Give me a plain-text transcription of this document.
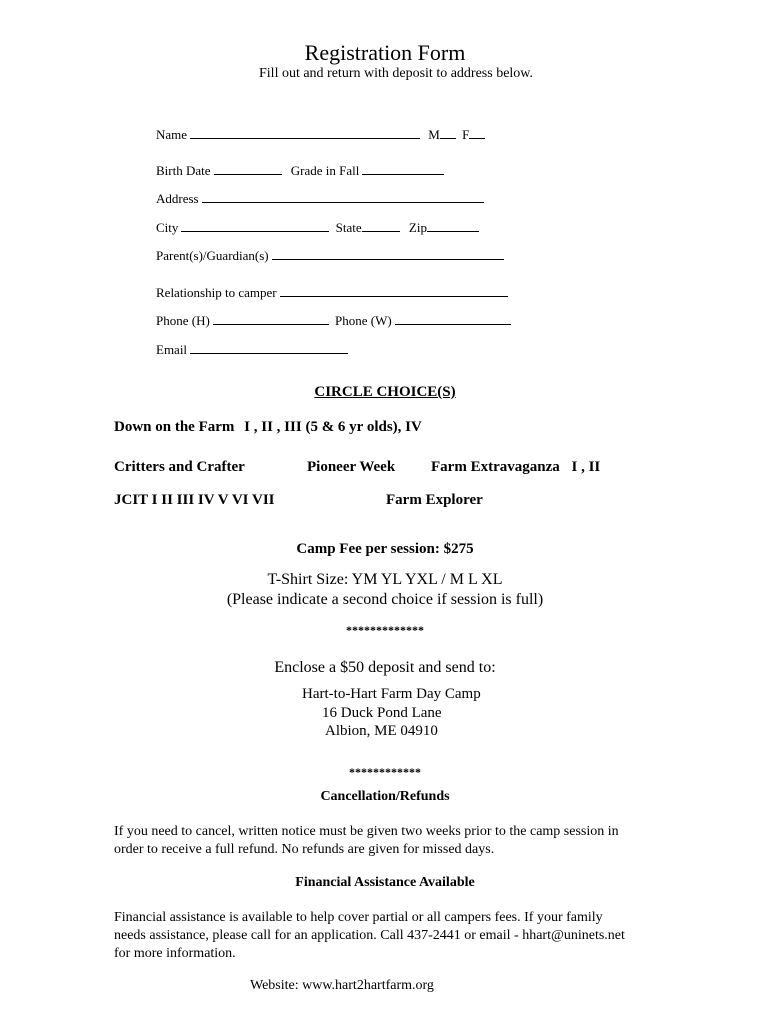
Registration Form
Fill out and return with deposit to address below.
Name	M F
Birth Date	Grade in Fall
Address
City	State	Zip
Parent(s)/Guardian(s)
Relationship to camper
Phone (H)	Phone (W)
Email
CIRCLE CHOICE(S)
Down on the Farm I , II , III (5 & 6 yr olds), IV
Critters and Crafter	Pioneer Week Farm Extravaganza I , II
JCIT I II III IV V VI VII	Farm Explorer
Camp Fee per session: $275
T-Shirt Size: YM YL YXL / M L XL
(Please indicate a second choice if session is full)
*************
Enclose a $50 deposit and send to:
Hart-to-Hart Farm Day Camp
16 Duck Pond Lane
Albion, ME 04910
************
Cancellation/Refunds
If you need to cancel, written notice must be given two weeks prior to the camp session in order to receive a full refund. No refunds are given for missed days.
Financial Assistance Available
Financial assistance is available to help cover partial or all campers fees. If your family needs assistance, please call for an application. Call 437-2441 or email - hhart@uninets.net for more information.
Website: www.hart2hartfarm.org
